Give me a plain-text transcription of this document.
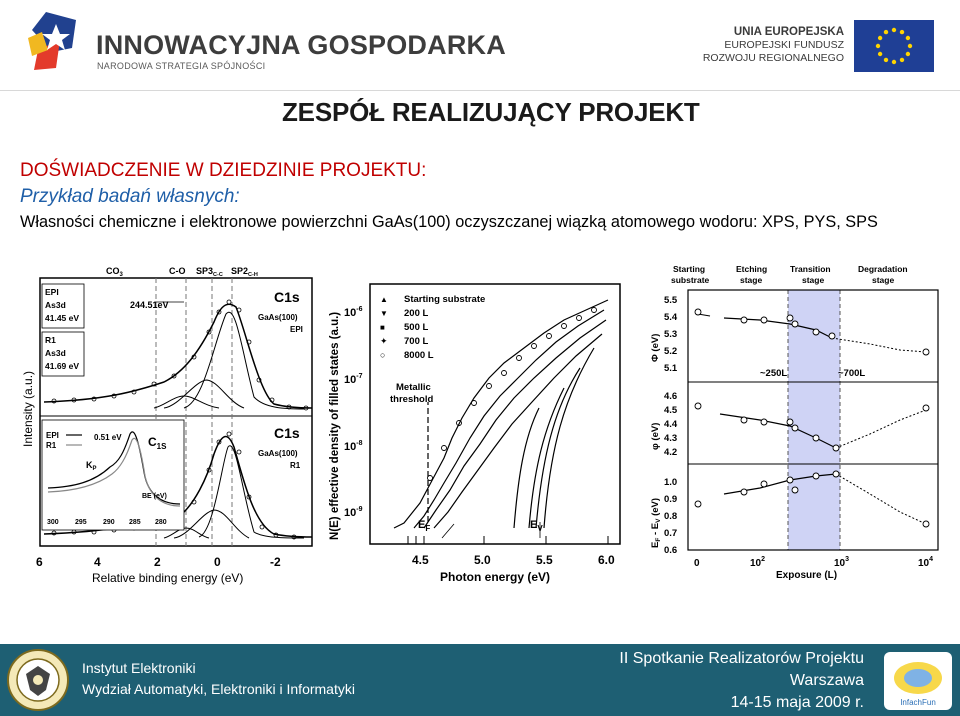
INNOWACYJNA GOSPODARKA
NARODOWA STRATEGIA SPÓJNOŚCI
UNIA EUROPEJSKA
EUROPEJSKI FUNDUSZ
ROZWOJU REGIONALNEGO
ZESPÓŁ REALIZUJĄCY PROJEKT
DOŚWIADCZENIE W DZIEDZINIE PROJEKTU:
Przykład badań własnych:
Własności chemiczne i elektronowe powierzchni GaAs(100) oczyszczanej wiązką atomowego wodoru: XPS, PYS, SPS
$CO_3$	C-O $SP3_{C-C}$ $SP2_{C-H}$
EPI
As3d
41.45 eV
R1
As3d
41.69 eV
244.51eV	C1s
GaAs(100)
EPI
C1s
GaAs(100)
R1
EPI
R1
0.51 eV $C_{1S}$
$K_P$
BE (eV)
300 295 290 285 280
Intensity (a.u.)
6	4	2	0	-2
Relative binding energy (eV)
▲
▼
■
✦
○
Starting substrate
200 L
500 L
700 L
8000 L
Metallic
threshold
$E_F$	$E_V$
$10^{-6}$
$10^{-7}$
$10^{-8}$
$10^{-9}$
N(E) effective density of filled states (a.u.)
4.5	5.0	5.5	6.0
Photon energy (eV)
Starting
substrate
Etching
stage
Transition
stage
Degradation
stage
~250L	~700L
Φ (eV)
5.5
5.4
5.3
5.2
5.1
φ (eV)
4.6
4.5
4.4
4.3
4.2
$E_F - E_V$ (eV)
1.0
0.9
0.8
0.7
0.6
0	$10^2$	$10^3$	$10^4$
Exposure (L)
Instytut Elektroniki
Wydział Automatyki, Elektroniki i Informatyki
II Spotkanie Realizatorów Projektu
Warszawa
14-15 maja 2009 r.	InfachFun
